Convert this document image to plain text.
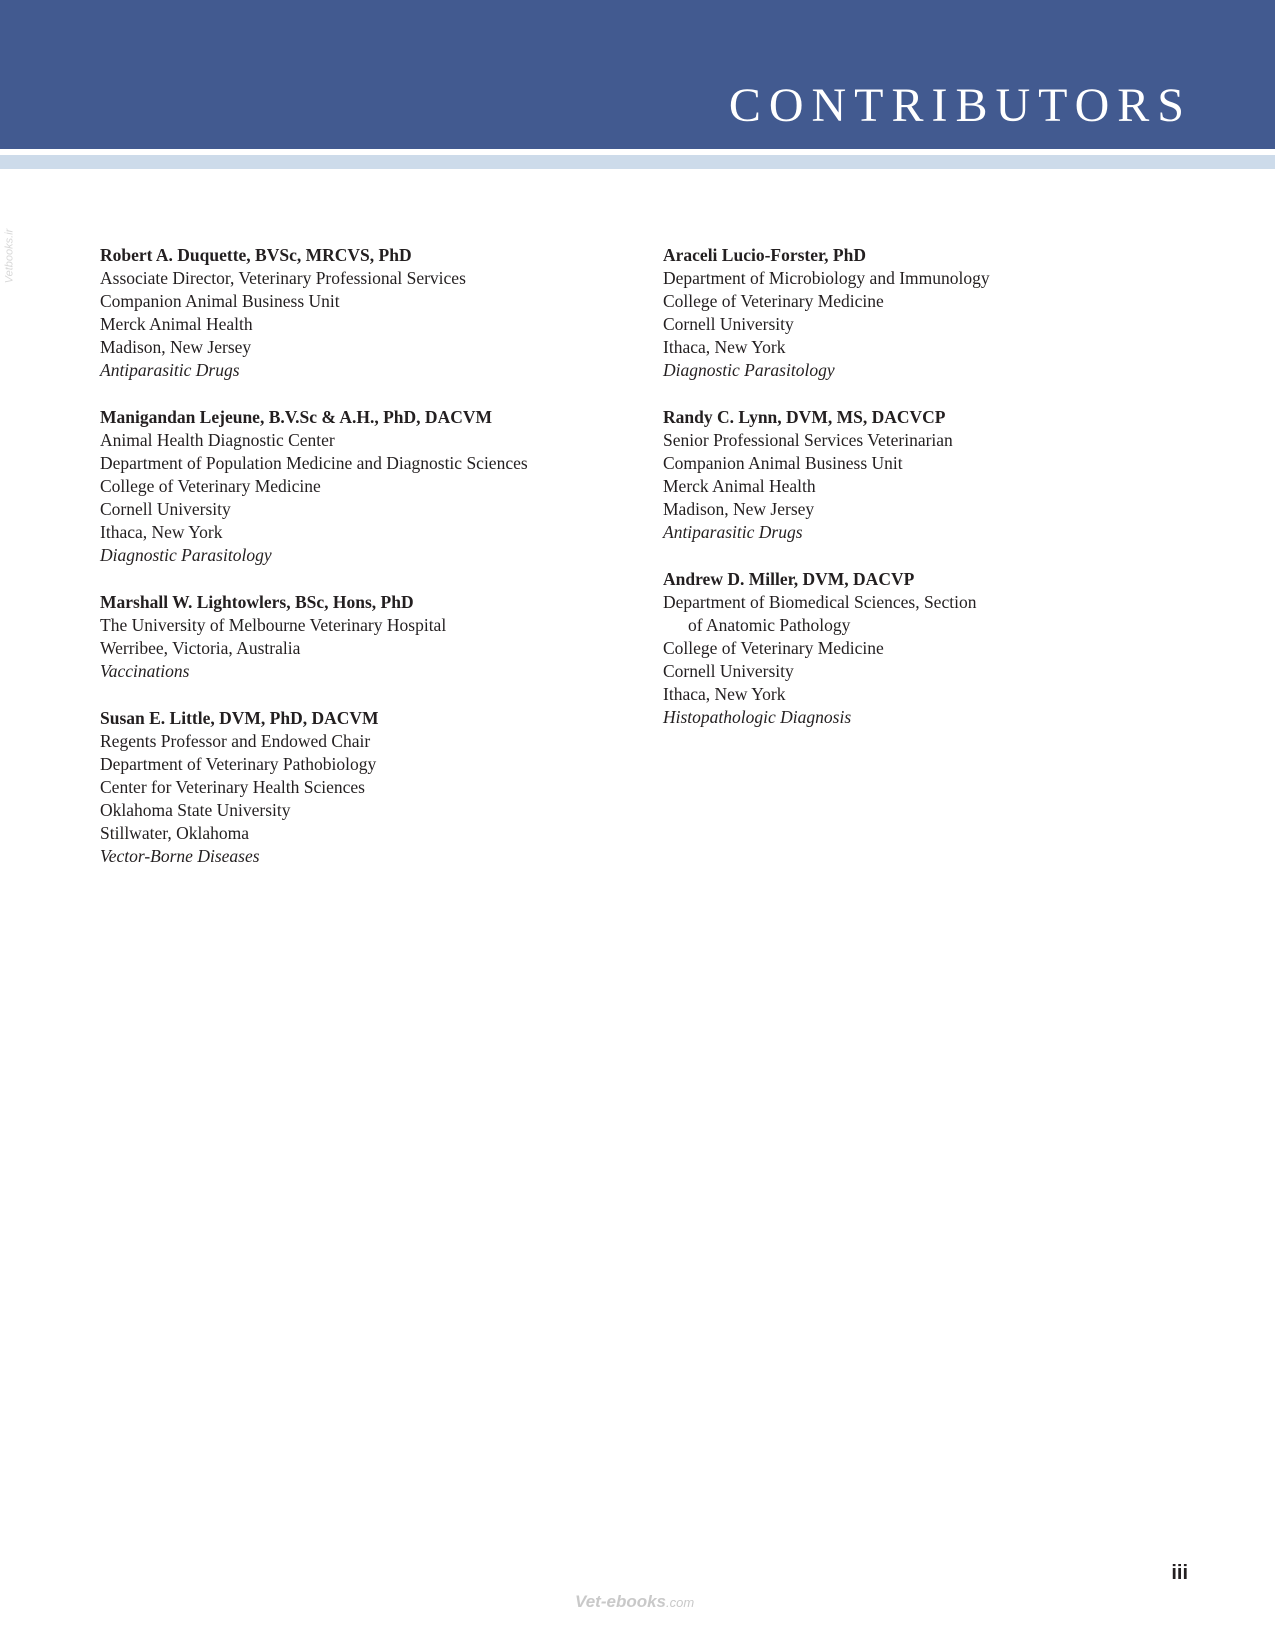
CONTRIBUTORS
Vetbooks.ir	Robert A. Duquette, BVSc, MRCVS, PhD
Associate Director, Veterinary Professional Services
Companion Animal Business Unit
Merck Animal Health
Madison, New Jersey
Antiparasitic Drugs
Manigandan Lejeune, B.V.Sc & A.H., PhD, DACVM
Animal Health Diagnostic Center
Department of Population Medicine and Diagnostic Sciences
College of Veterinary Medicine
Cornell University
Ithaca, New York
Diagnostic Parasitology
Marshall W. Lightowlers, BSc, Hons, PhD
The University of Melbourne Veterinary Hospital
Werribee, Victoria, Australia
Vaccinations
Susan E. Little, DVM, PhD, DACVM
Regents Professor and Endowed Chair
Department of Veterinary Pathobiology
Center for Veterinary Health Sciences
Oklahoma State University
Stillwater, Oklahoma
Vector-Borne Diseases
Araceli Lucio-Forster, PhD
Department of Microbiology and Immunology
College of Veterinary Medicine
Cornell University
Ithaca, New York
Diagnostic Parasitology
Randy C. Lynn, DVM, MS, DACVCP
Senior Professional Services Veterinarian
Companion Animal Business Unit
Merck Animal Health
Madison, New Jersey
Antiparasitic Drugs
Andrew D. Miller, DVM, DACVP
Department of Biomedical Sciences, Section
of Anatomic Pathology
College of Veterinary Medicine
Cornell University
Ithaca, New York
Histopathologic Diagnosis
iii
Vet-ebooks.com
